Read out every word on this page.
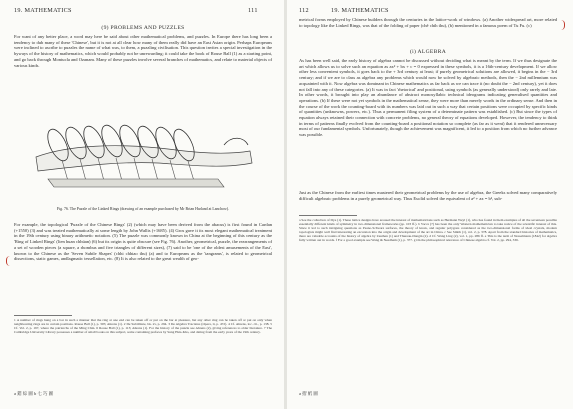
19. MATHEMATICS	111
(9) PROBLEMS AND PUZZLES

For want of any better place, a word may here be said about other mathematical problems, and puzzles. In Europe there has long been a tendency to dub many of these 'Chinese', but it is not at all clear how many of them really did have an East Asian origin. Perhaps Europeans were inclined to ascribe to puzzles the name of what was, to them, a puzzling civilisation. This question invites a special investigation in the byways of the history of mathematics, which would probably not be unrewarding; it could take the book of Rouse Ball (1) as a starting point, and go back through Montucla and Ozanam. Many of these puzzles involve several branches of mathematics, and relate to material objects of various kinds.

Fig. 76. The Puzzle of the Linked Rings (drawing of an example purchased by Mr Brian Harland at Lanchow).

For example, the topological 'Puzzle of the Chinese Rings' (2) (which may have been derived from the abacus) is first found in Cardan (+1550) (3) and was treated mathematically at some length by John Wallis (+1685). (4) Gros gave it its most elegant mathematical treatment in the 19th century using binary arithmetic notation. (5) The puzzle was commonly known in China at the beginning of this century as the 'Ring of Linked Rings' (lien huan chhüan) (6) but its origin is quite obscure (see Fig. 76). Another, geometrical, puzzle, the rearrangements of a set of wooden pieces (a square, a rhombus and five triangles of different sizes), (7) said to be 'one of the oldest amusements of the East', known to the Chinese as the 'Seven Subtle Shapes' (chhi chhiao thu) (a) and to Europeans as the 'tangrams', is related to geometrical dissections, static games, andlagmatic tessellation, etc. (8) It is also related to the great wealth of geo-

1 A number of rings hung on a bar in such a manner that the ring at one end can be taken off or put on the bar at pleasure, but any other ring can be taken off or put on only when neighbouring rings are in certain positions. Rouse Ball (1), p. 305; Ahrens (1). 2 De Subtilitate, bk. xv, p. 294. 3 De Algebra Tractatus (Opera, ii, p. 472). 4 Cf. Ahrens, loc. cit., p. 138. 5 Cf. Vol. 2, p. 197, where the patriarchs of the Ming Chin. 6 Rouse Ball (1), p. 113; Ahrens (1). For the history of the puzzle see Ahrens (2), giving references to older literature. 7 The Cambridge University Library possesses a number of small books on this subject, some containing prefaces by Sung Hsia-Kho, and dating from the early years of the 19th century.

a 錯 綜 圖 b 七 巧 圖
112	19. MATHEMATICS

metrical forms employed by Chinese builders through the centuries in the lattice-work of windows. (a) Another widespread art, more related to topology like the Linked Rings, was that of the folding of paper (chê chih thu), (b) mentioned in a famous poem of Tu Fu. (c)

(i) ALGEBRA

As has been well said, the early history of algebra cannot be discussed without deciding what is meant by the term. If we thus designate the art which allows us to solve such an equation as ax² + bx + c = 0 expressed in these symbols, it is a 16th-century development. If we allow other less convenient symbols, it goes back to the + 3rd century at least; if purely geometrical solutions are allowed, it begins in the − 3rd century; and if we are to class as algebra any problems which would now be solved by algebraic methods, then the − 2nd millennium was acquainted with it. Now algebra was dominant in Chinese mathematics as far back as we can trace it (no doubt the − 2nd century), yet it does not fall into any of these categories. (a) It was in fact 'rhetorical' and positional, using symbols (as generally understood) only rarely and late. In other words, it brought into play an abundance of abstract monosyllabic technical ideograms indicating generalised quantities and operations. (b) If these were not yet symbols in the mathematical sense, they were more than merely words in the ordinary sense. And then in the course of the work the counting-board with its numbers was laid out in such a way that certain positions were occupied by specific kinds of quantities (unknowns, powers, etc.). Thus a permanent filing system of a determinate pattern was established. (c) But since the types of equation always retained their connection with concrete problems, no general theory of equations developed. However, the tendency to think in terms of patterns finally evolved from the counting-board a positional notation so complete (as far as it went) that it rendered unnecessary most of our fundamental symbols. Unfortunately, though the achievement was magnificent, it led to a position from which no further advance was possible.

Just as the Chinese from the earliest times mastered their geometrical problems by the use of algebra, the Greeks solved many comparatively difficult algebraic problems in a purely geometrical way. Thus Euclid solved the equivalent of a² + ax = b², sub-

a See the collection of Dye (1). These lattice designs have aroused the interest of mathematicians such as Hermann Weyl (1), who has found in them examples of all the seventeen possible essentially different kinds of symmetry in two-dimensional frameworks (pp. 103 ff.). b Vacca (7) has been the only Western mathematician to take notice of the scientific interest of this. Since it led to such intriguing questions as Peano-Schwarz surfaces, the theory of knots, and regular polygons considered as the two-dimensional forms of ideal crystals, modern topologists might well find interesting an excursion into the origin and development of the art in China. c See Smith (1), vol. 2, p. 378. Apart from the standard histories of mathematics, there are valuable accounts of the history of algebra by Zeuthen (1) and Thureau-Dangin (2). d Cf. Wang Ling (2), vol. 1, pp. 286 ff. e This is the term of Nesselmann (1842) for algebra fully written out in words. f For a good example see Wang & Needham (1), p. 377. g On the philosophical relevance of Chinese algebra cf. Vol. 2, pp. 294, 336.

a 摺 紙 圖
